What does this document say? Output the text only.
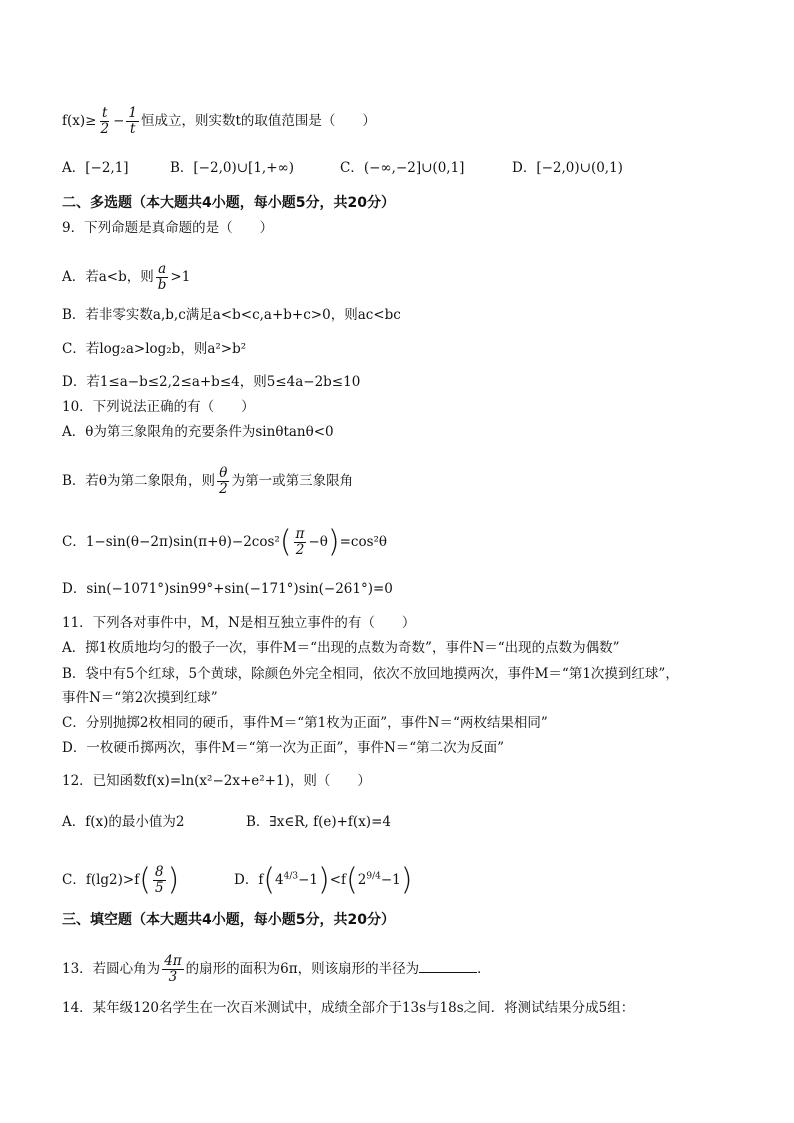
$f(x)\ge \frac{t}{2} - \frac{1}{t}$ 恒成立，则实数t的取值范围是（　　）
A．[−2,1]	B．[−2,0)∪[1,+∞)	C．(−∞,−2]∪(0,1]	D．[−2,0)∪(0,1)
二、多选题（本大题共4小题，每小题5分，共20分）
9．下列命题是真命题的是（　　）
A．若a<b，则 $\frac{a}{b} >1$
B．若非零实数a,b,c满足a<b<c,a+b+c>0，则ac<bc
C．若log₂a>log₂b，则a²>b²
D．若1≤a−b≤2,2≤a+b≤4，则5≤4a−2b≤10
10．下列说法正确的有（　　）
A．θ为第三象限角的充要条件为sinθtanθ<0
B．若θ为第二象限角，则 $\frac{\theta}{2}$ 为第一或第三象限角
C．$1-\sin(\theta-2\pi)\sin(\pi+\theta)-2\cos^2( \frac{\pi}{2} -\theta)=\cos^2\theta$
D．sin(−1071°)sin99°+sin(−171°)sin(−261°)=0
11．下列各对事件中，M，N是相互独立事件的有（　　）
A．掷1枚质地均匀的骰子一次，事件M＝“出现的点数为奇数”，事件N＝“出现的点数为偶数”
B．袋中有5个红球，5个黄球，除颜色外完全相同，依次不放回地摸两次，事件M＝“第1次摸到红球”，
事件N＝“第2次摸到红球”
C．分别抛掷2枚相同的硬币，事件M＝“第1枚为正面”，事件N＝“两枚结果相同”
D．一枚硬币掷两次，事件M＝“第一次为正面”，事件N＝“第二次为反面”
12．已知函数f(x)=ln(x²−2x+e²+1)，则（　　）
A．f(x)的最小值为2	B．∃x∈R, f(e)+f(x)=4
C．$f(\lg 2)>f( \frac{8}{5}$ )	D．$f(4^{4/3}-1)<f(2^{9/4}-1)$
三、填空题（本大题共4小题，每小题5分，共20分）
13．若圆心角为 $\frac{4\pi}{3}$ 的扇形的面积为6π，则该扇形的半径为	．
14．某年级120名学生在一次百米测试中，成绩全部介于13s与18s之间．将测试结果分成5组：
